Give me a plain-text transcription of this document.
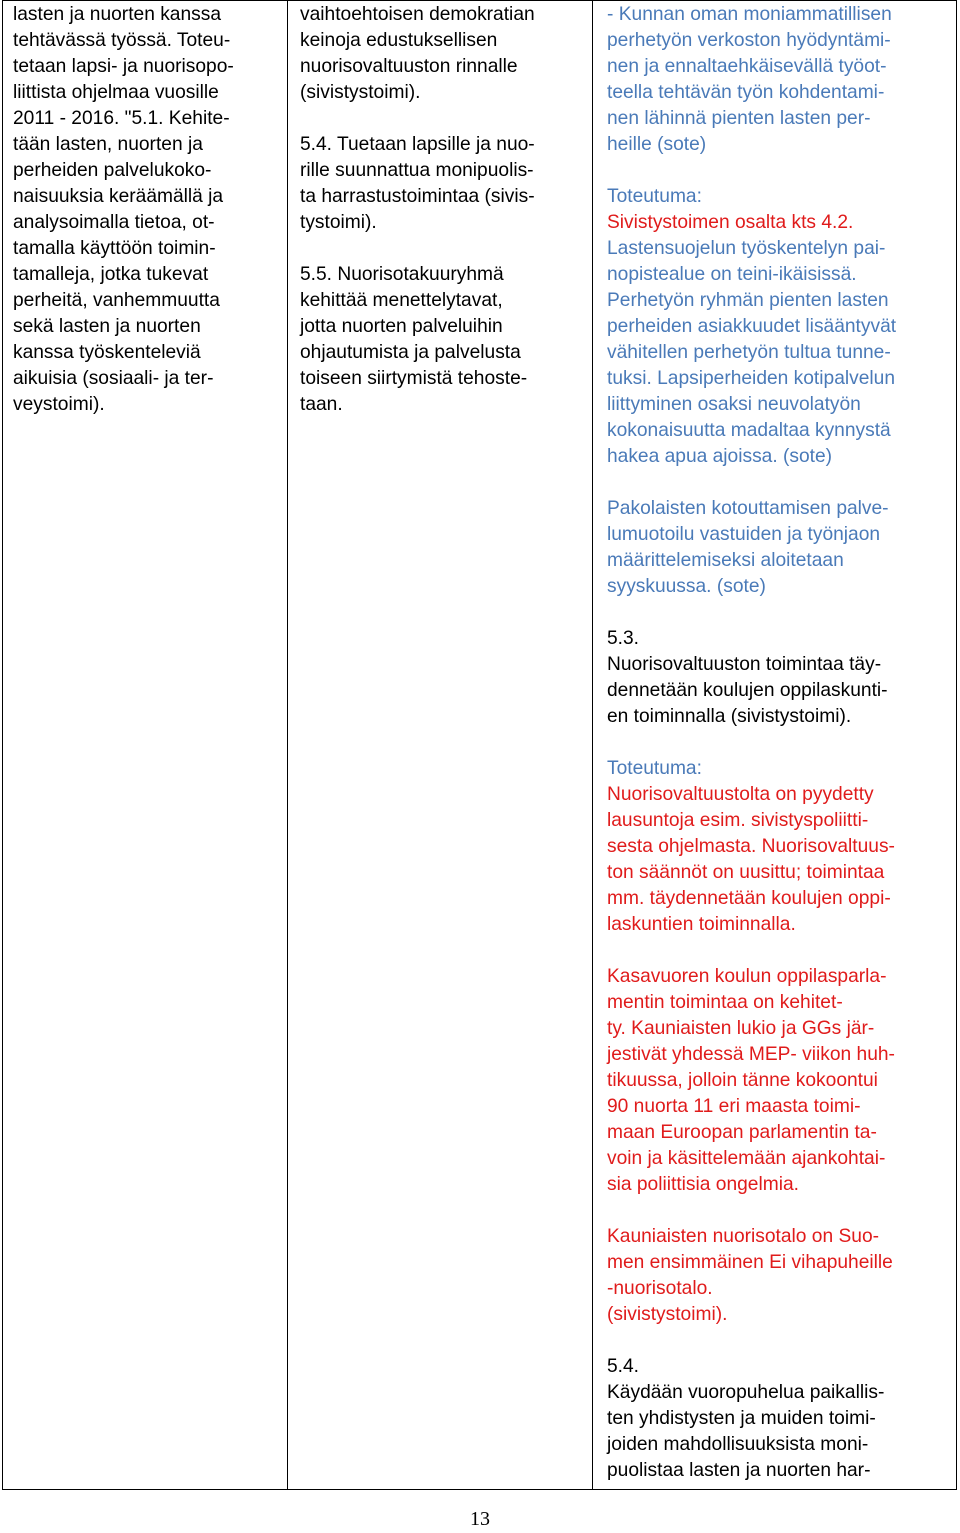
lasten ja nuorten kanssa
tehtävässä työssä. Toteu-
tetaan lapsi- ja nuorisopo-
liittista ohjelmaa vuosille
2011 - 2016. "5.1. Kehite-
tään lasten, nuorten ja
perheiden palvelukoko-
naisuuksia keräämällä ja
analysoimalla tietoa, ot-
tamalla käyttöön toimin-
tamalleja, jotka tukevat
perheitä, vanhemmuutta
sekä lasten ja nuorten
kanssa työskenteleviä
aikuisia (sosiaali- ja ter-
veystoimi).
vaihtoehtoisen demokratian
keinoja edustuksellisen
nuorisovaltuuston rinnalle
(sivistystoimi).
5.4. Tuetaan lapsille ja nuo-
rille suunnattua monipuolis-
ta harrastustoimintaa (sivis-
tystoimi).
5.5. Nuorisotakuuryhmä
kehittää menettelytavat,
jotta nuorten palveluihin
ohjautumista ja palvelusta
toiseen siirtymistä tehoste-
taan.
- Kunnan oman moniammatillisen
perhetyön verkoston hyödyntämi-
nen ja ennaltaehkäisevällä työot-
teella tehtävän työn kohdentami-
nen lähinnä pienten lasten per-
heille (sote)
Toteutuma:
Sivistystoimen osalta kts 4.2.
Lastensuojelun työskentelyn pai-
nopistealue on teini-ikäisissä.
Perhetyön ryhmän pienten lasten
perheiden asiakkuudet lisääntyvät
vähitellen perhetyön tultua tunne-
tuksi. Lapsiperheiden kotipalvelun
liittyminen osaksi neuvolatyön
kokonaisuutta madaltaa kynnystä
hakea apua ajoissa. (sote)
Pakolaisten kotouttamisen palve-
lumuotoilu vastuiden ja työnjaon
määrittelemiseksi aloitetaan
syyskuussa. (sote)
5.3.
Nuorisovaltuuston toimintaa täy-
dennetään koulujen oppilaskunti-
en toiminnalla (sivistystoimi).
Toteutuma:
Nuorisovaltuustolta on pyydetty
lausuntoja esim. sivistyspoliitti-
sesta ohjelmasta. Nuorisovaltuus-
ton säännöt on uusittu; toimintaa
mm. täydennetään koulujen oppi-
laskuntien toiminnalla.
Kasavuoren koulun oppilasparla-
mentin toimintaa on kehitet-
ty. Kauniaisten lukio ja GGs jär-
jestivät yhdessä MEP- viikon huh-
tikuussa, jolloin tänne kokoontui
90 nuorta 11 eri maasta toimi-
maan Euroopan parlamentin ta-
voin ja käsittelemään ajankohtai-
sia poliittisia ongelmia.
Kauniaisten nuorisotalo on Suo-
men ensimmäinen Ei vihapuheille
-nuorisotalo.
(sivistystoimi).
5.4.
Käydään vuoropuhelua paikallis-
ten yhdistysten ja muiden toimi-
joiden mahdollisuuksista moni-
puolistaa lasten ja nuorten har-
13
